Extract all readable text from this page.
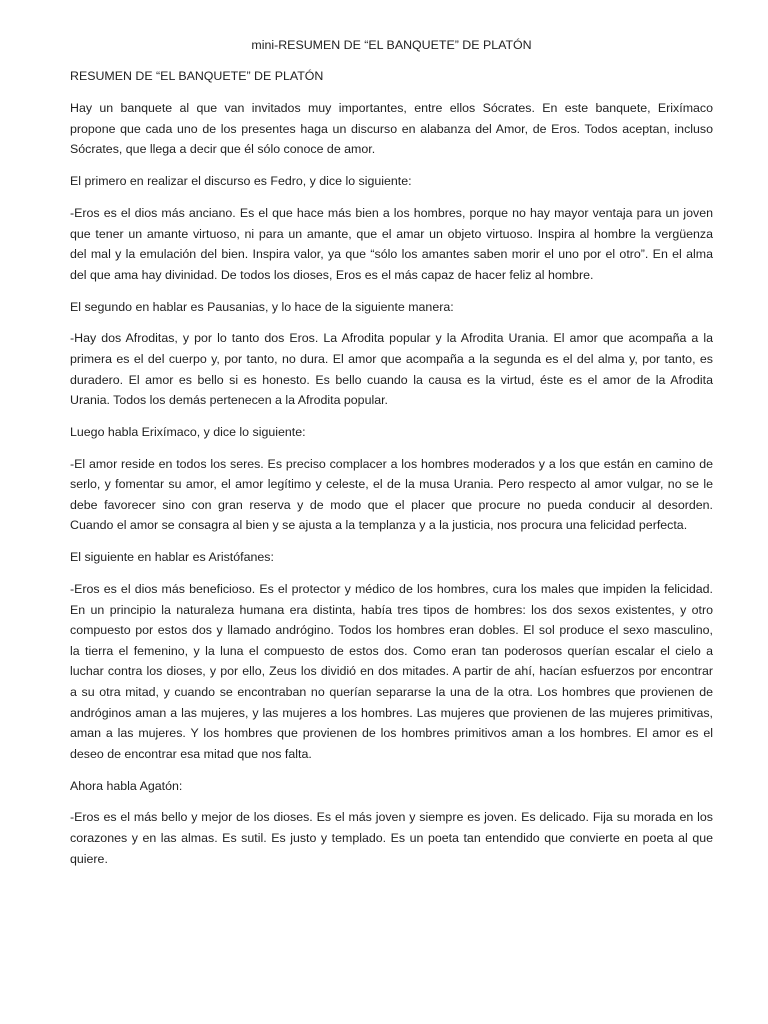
mini-RESUMEN DE “EL BANQUETE” DE PLATÓN
RESUMEN DE “EL BANQUETE” DE PLATÓN
Hay un banquete al que van invitados muy importantes, entre ellos Sócrates. En este banquete, Erixímaco
propone que cada uno de los presentes haga un discurso en alabanza del Amor, de Eros. Todos aceptan, incluso
Sócrates, que llega a decir que él sólo conoce de amor.
El primero en realizar el discurso es Fedro, y dice lo siguiente:
-Eros es el dios más anciano. Es el que hace más bien a los hombres, porque no hay mayor ventaja para un joven
que tener un amante virtuoso, ni para un amante, que el amar un objeto virtuoso. Inspira al hombre la vergüenza
del mal y la emulación del bien. Inspira valor, ya que “sólo los amantes saben morir el uno por el otro”. En el alma
del que ama hay divinidad. De todos los dioses, Eros es el más capaz de hacer feliz al hombre.
El segundo en hablar es Pausanias, y lo hace de la siguiente manera:
-Hay dos Afroditas, y por lo tanto dos Eros. La Afrodita popular y la Afrodita Urania. El amor que acompaña a la
primera es el del cuerpo y, por tanto, no dura. El amor que acompaña a la segunda es el del alma y, por tanto, es
duradero. El amor es bello si es honesto. Es bello cuando la causa es la virtud, éste es el amor de la Afrodita
Urania. Todos los demás pertenecen a la Afrodita popular.
Luego habla Erixímaco, y dice lo siguiente:
-El amor reside en todos los seres. Es preciso complacer a los hombres moderados y a los que están en camino de
serlo, y fomentar su amor, el amor legítimo y celeste, el de la musa Urania. Pero respecto al amor vulgar, no se le
debe favorecer sino con gran reserva y de modo que el placer que procure no pueda conducir al desorden.
Cuando el amor se consagra al bien y se ajusta a la templanza y a la justicia, nos procura una felicidad perfecta.
El siguiente en hablar es Aristófanes:
-Eros es el dios más beneficioso. Es el protector y médico de los hombres, cura los males que impiden la felicidad.
En un principio la naturaleza humana era distinta, había tres tipos de hombres: los dos sexos existentes, y otro
compuesto por estos dos y llamado andrógino. Todos los hombres eran dobles. El sol produce el sexo masculino,
la tierra el femenino, y la luna el compuesto de estos dos. Como eran tan poderosos querían escalar el cielo a
luchar contra los dioses, y por ello, Zeus los dividió en dos mitades. A partir de ahí, hacían esfuerzos por encontrar
a su otra mitad, y cuando se encontraban no querían separarse la una de la otra. Los hombres que provienen de
andróginos aman a las mujeres, y las mujeres a los hombres. Las mujeres que provienen de las mujeres primitivas,
aman a las mujeres. Y los hombres que provienen de los hombres primitivos aman a los hombres. El amor es el
deseo de encontrar esa mitad que nos falta.
Ahora habla Agatón:
-Eros es el más bello y mejor de los dioses. Es el más joven y siempre es joven. Es delicado. Fija su morada en los
corazones y en las almas. Es sutil. Es justo y templado. Es un poeta tan entendido que convierte en poeta al que
quiere.
